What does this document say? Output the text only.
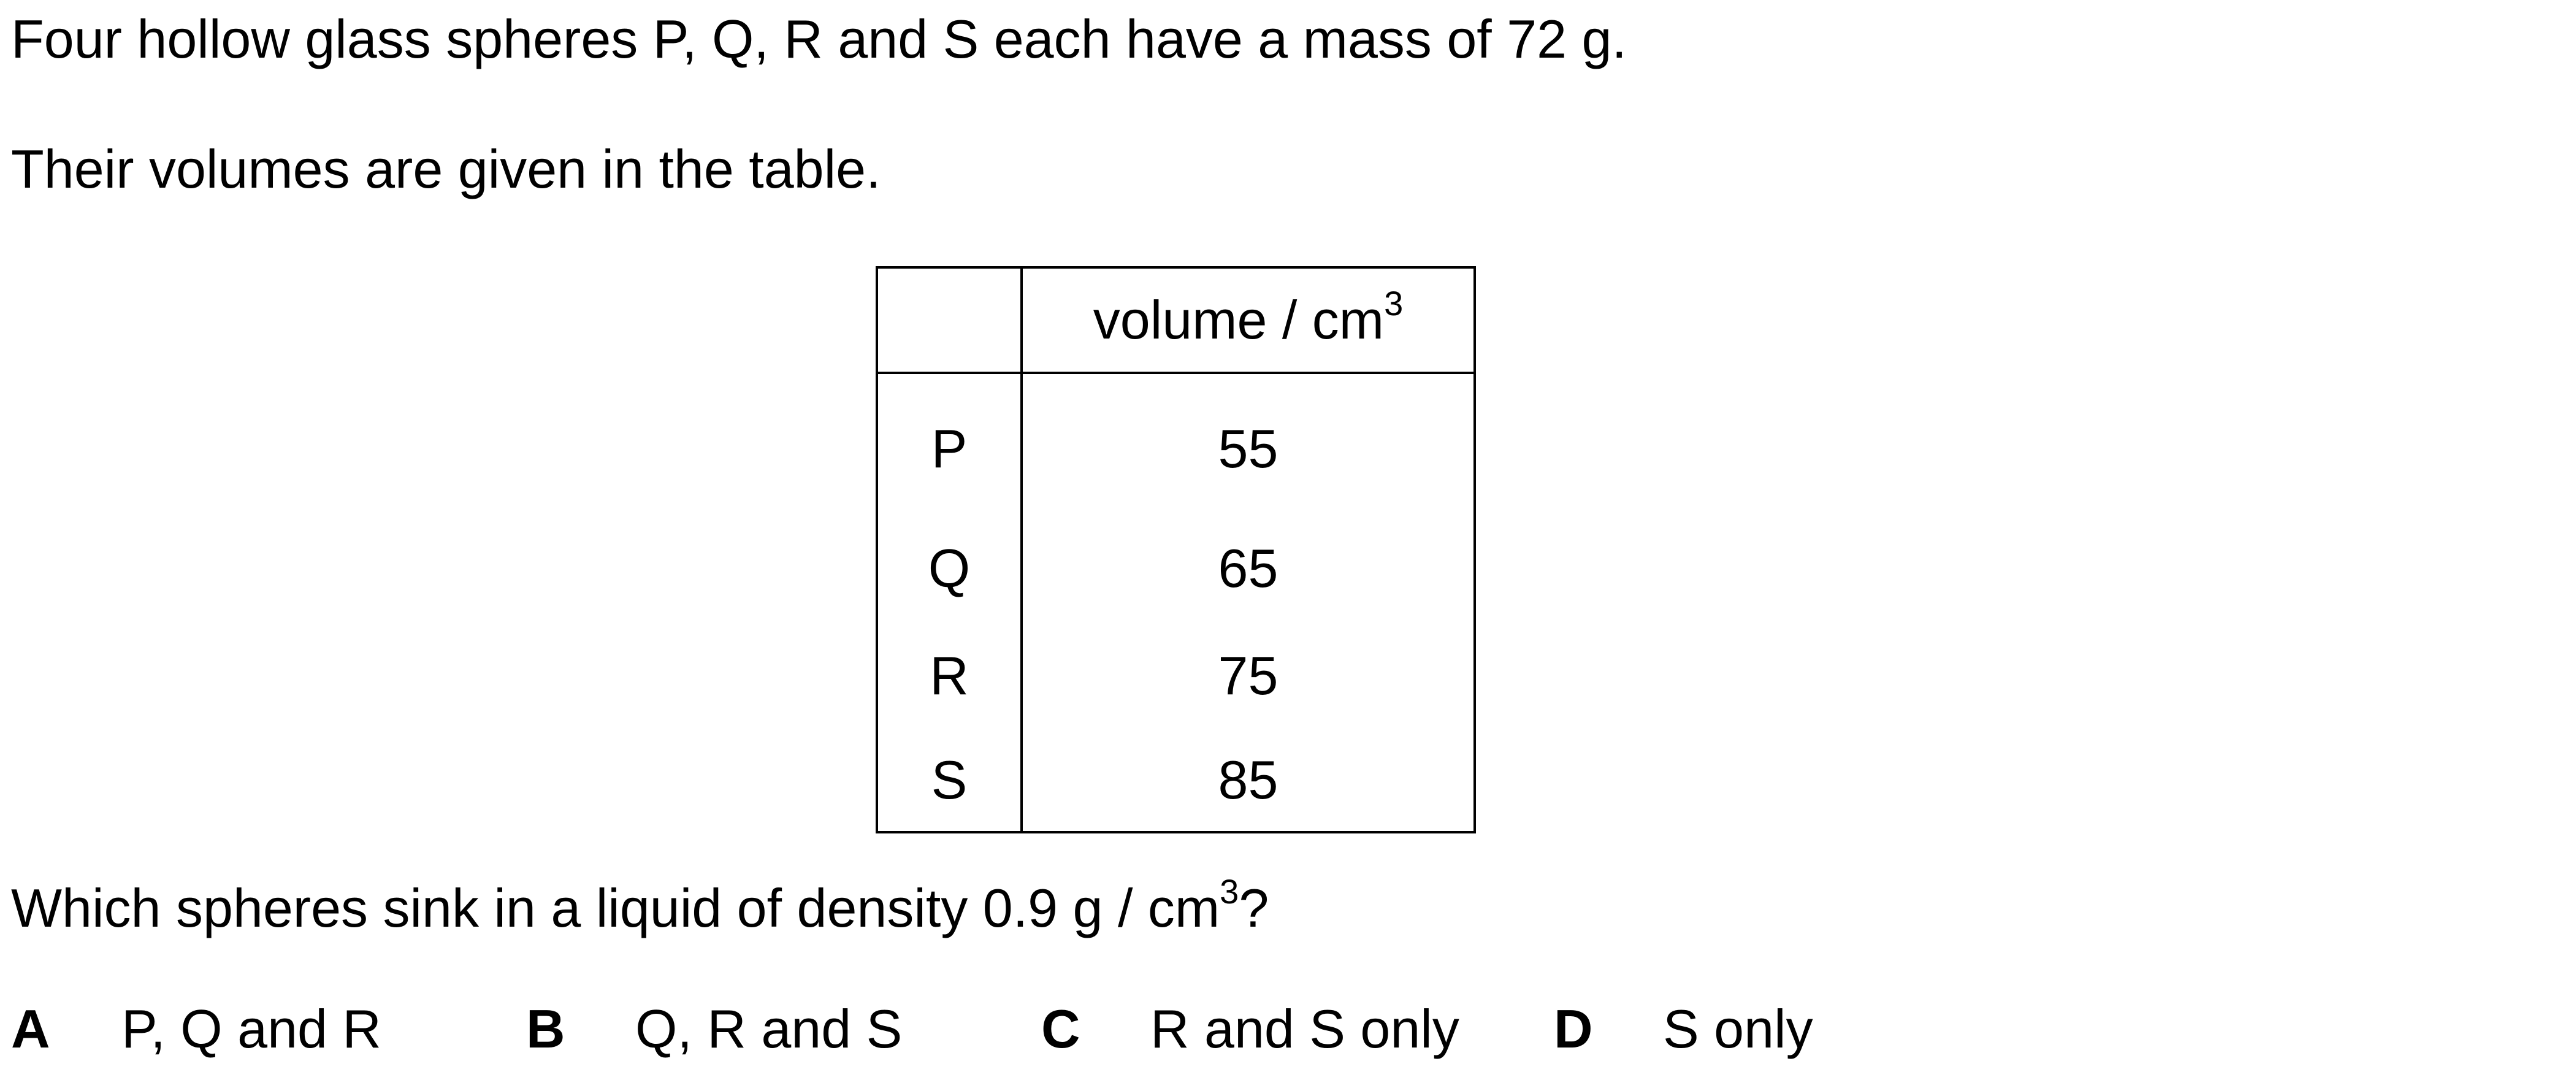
Four hollow glass spheres P, Q, R and S each have a mass of 72 g.
Their volumes are given in the table.
	volume / $cm^3$
P	55
Q	65
R	75
S	85
Which spheres sink in a liquid of density 0.9 g / $cm^3$?
A P, Q and R	B Q, R and S	C R and S only D S only
